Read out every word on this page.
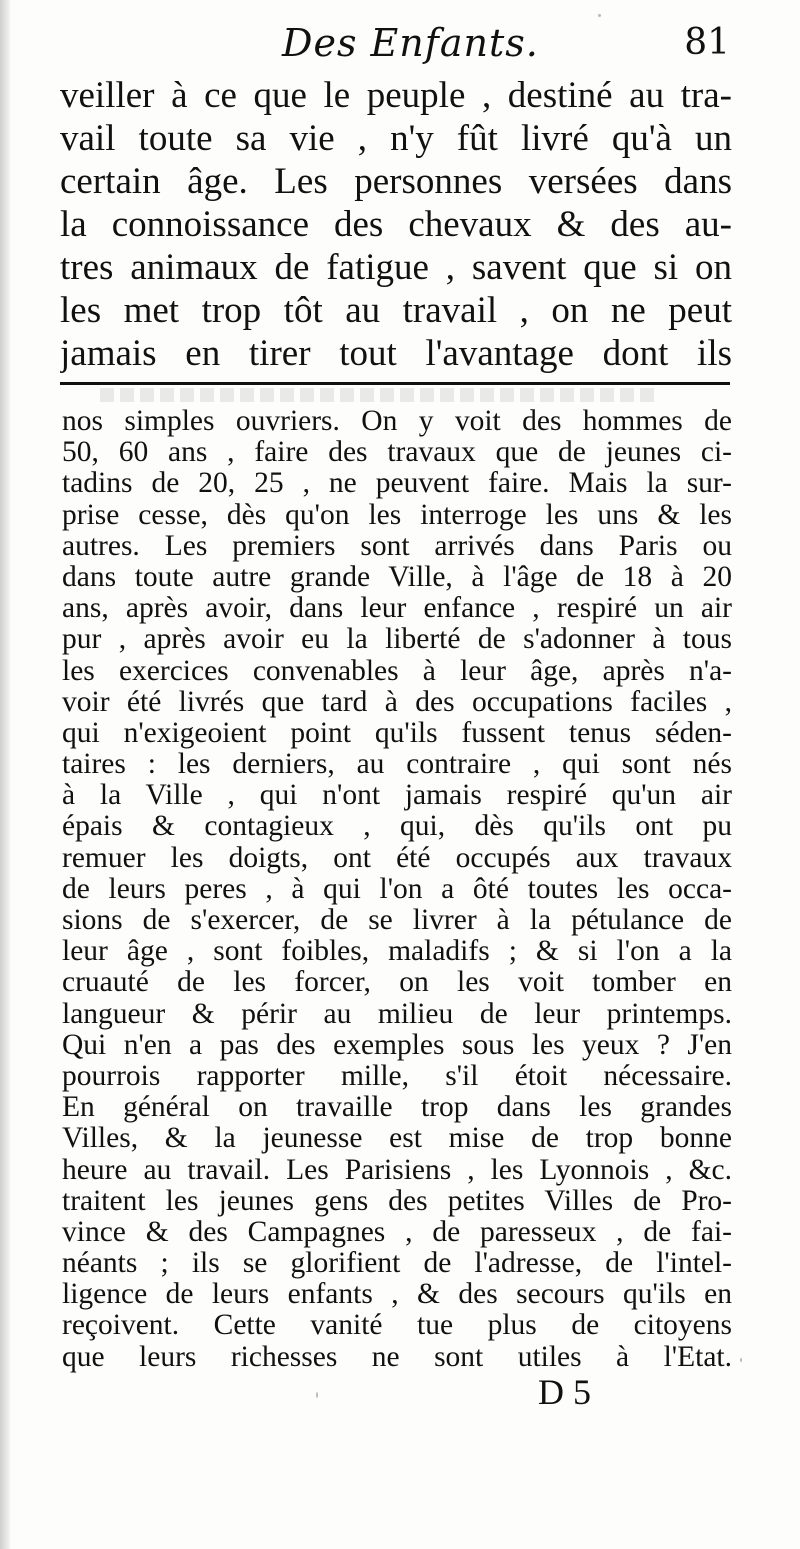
Des Enfants.	81
veiller à ce que le peuple , destiné au tra-
vail toute sa vie , n'y fût livré qu'à un
certain âge. Les personnes versées dans
la connoissance des chevaux & des au-
tres animaux de fatigue , savent que si on
les met trop tôt au travail , on ne peut
jamais en tirer tout l'avantage dont ils
nos simples ouvriers. On y voit des hommes de
50, 60 ans , faire des travaux que de jeunes ci-
tadins de 20, 25 , ne peuvent faire. Mais la sur-
prise cesse, dès qu'on les interroge les uns & les
autres. Les premiers sont arrivés dans Paris ou
dans toute autre grande Ville, à l'âge de 18 à 20
ans, après avoir, dans leur enfance , respiré un air
pur , après avoir eu la liberté de s'adonner à tous
les exercices convenables à leur âge, après n'a-
voir été livrés que tard à des occupations faciles ,
qui n'exigeoient point qu'ils fussent tenus séden-
taires : les derniers, au contraire , qui sont nés
à la Ville , qui n'ont jamais respiré qu'un air
épais & contagieux , qui, dès qu'ils ont pu
remuer les doigts, ont été occupés aux travaux
de leurs peres , à qui l'on a ôté toutes les occa-
sions de s'exercer, de se livrer à la pétulance de
leur âge , sont foibles, maladifs ; & si l'on a la
cruauté de les forcer, on les voit tomber en
langueur & périr au milieu de leur printemps.
Qui n'en a pas des exemples sous les yeux ? J'en
pourrois rapporter mille, s'il étoit nécessaire.
En général on travaille trop dans les grandes
Villes, & la jeunesse est mise de trop bonne
heure au travail. Les Parisiens , les Lyonnois , &c.
traitent les jeunes gens des petites Villes de Pro-
vince & des Campagnes , de paresseux , de fai-
néants ; ils se glorifient de l'adresse, de l'intel-
ligence de leurs enfants , & des secours qu'ils en
reçoivent. Cette vanité tue plus de citoyens
que leurs richesses ne sont utiles à l'Etat.
D 5
